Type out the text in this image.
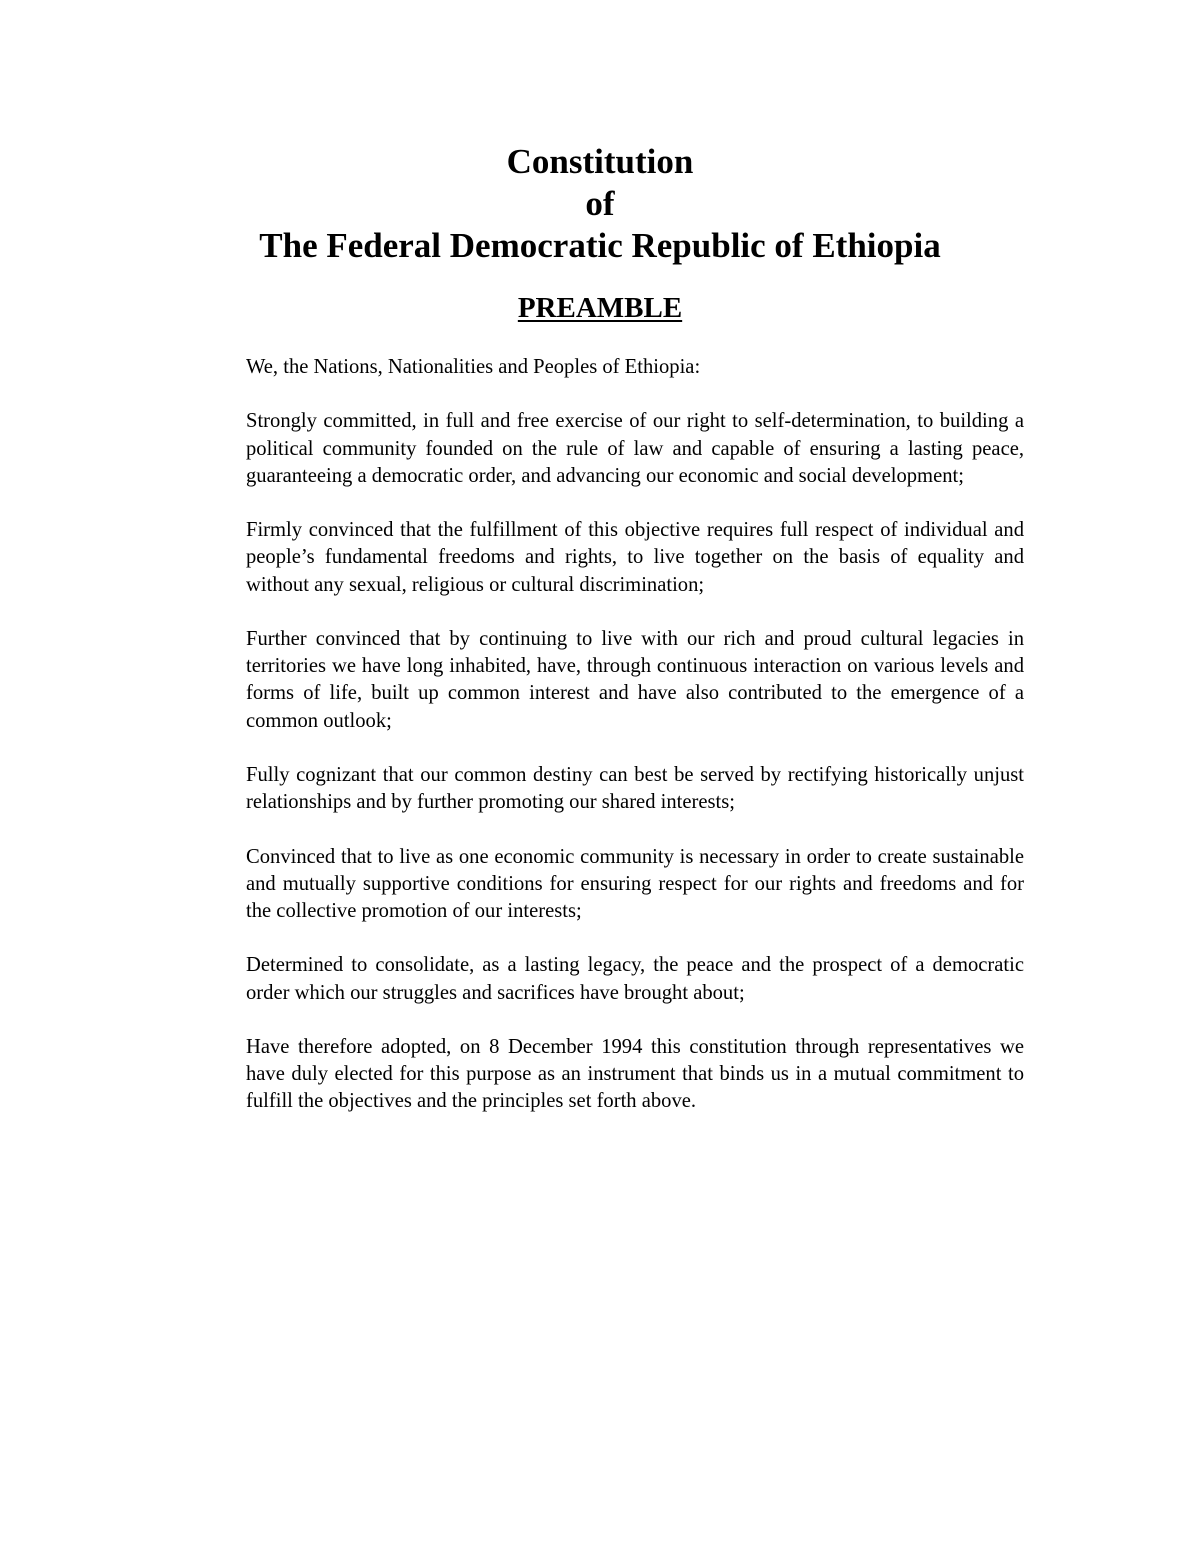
Constitution

of

The Federal Democratic Republic of Ethiopia

PREAMBLE

We, the Nations, Nationalities and Peoples of Ethiopia:

Strongly committed, in full and free exercise of our right to self-determination, to building a political community founded on the rule of law and capable of ensuring a lasting peace, guaranteeing a democratic order, and advancing our economic and social development;

Firmly convinced that the fulfillment of this objective requires full respect of individual and people’s fundamental freedoms and rights, to live together on the basis of equality and without any sexual, religious or cultural discrimination;

Further convinced that by continuing to live with our rich and proud cultural legacies in territories we have long inhabited, have, through continuous interaction on various levels and forms of life, built up common interest and have also contributed to the emergence of a common outlook;

Fully cognizant that our common destiny can best be served by rectifying historically unjust relationships and by further promoting our shared interests;

Convinced that to live as one economic community is necessary in order to create sustainable and mutually supportive conditions for ensuring respect for our rights and freedoms and for the collective promotion of our interests;

Determined to consolidate, as a lasting legacy, the peace and the prospect of a democratic order which our struggles and sacrifices have brought about;

Have therefore adopted, on 8 December 1994 this constitution through representatives we have duly elected for this purpose as an instrument that binds us in a mutual commitment to fulfill the objectives and the principles set forth above.
